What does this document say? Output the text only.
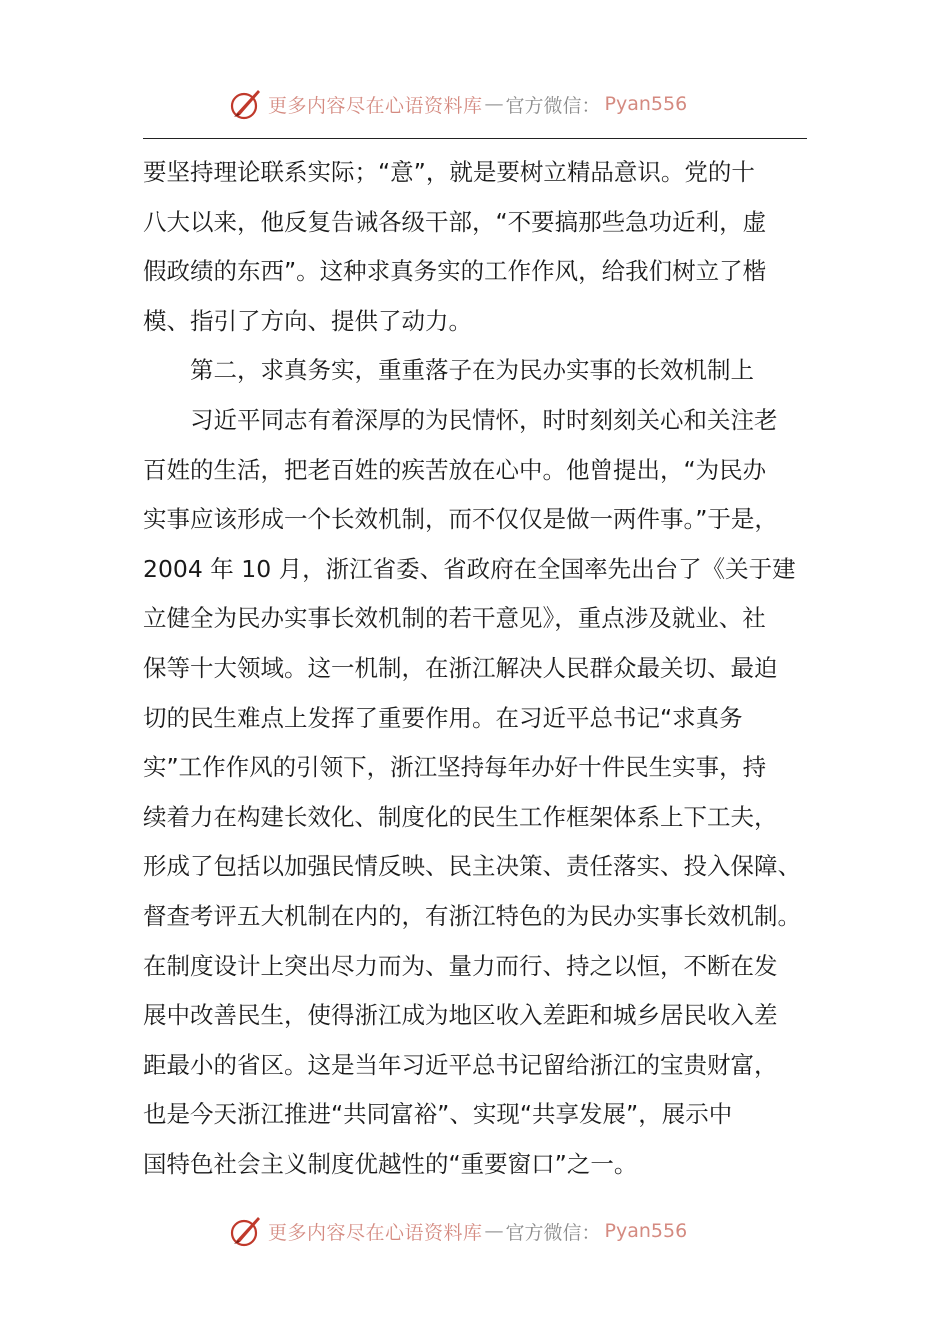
更多内容尽在心语资料库 — 官方微信： Pyan556
要坚持理论联系实际；“意”，就是要树立精品意识。党的十
八大以来，他反复告诫各级干部，“不要搞那些急功近利，虚
假政绩的东西”。这种求真务实的工作作风，给我们树立了楷
模、指引了方向、提供了动力。
第二，求真务实，重重落子在为民办实事的长效机制上
习近平同志有着深厚的为民情怀，时时刻刻关心和关注老
百姓的生活，把老百姓的疾苦放在心中。他曾提出，“为民办
实事应该形成一个长效机制，而不仅仅是做一两件事。”于是，
2004 年 10 月，浙江省委、省政府在全国率先出台了《关于建
立健全为民办实事长效机制的若干意见》，重点涉及就业、社
保等十大领域。这一机制，在浙江解决人民群众最关切、最迫
切的民生难点上发挥了重要作用。在习近平总书记“求真务
实”工作作风的引领下，浙江坚持每年办好十件民生实事，持
续着力在构建长效化、制度化的民生工作框架体系上下工夫，
形成了包括以加强民情反映、民主决策、责任落实、投入保障、
督查考评五大机制在内的，有浙江特色的为民办实事长效机制。
在制度设计上突出尽力而为、量力而行、持之以恒，不断在发
展中改善民生，使得浙江成为地区收入差距和城乡居民收入差
距最小的省区。这是当年习近平总书记留给浙江的宝贵财富，
也是今天浙江推进“共同富裕”、实现“共享发展”，展示中
国特色社会主义制度优越性的“重要窗口”之一。
更多内容尽在心语资料库 — 官方微信： Pyan556
